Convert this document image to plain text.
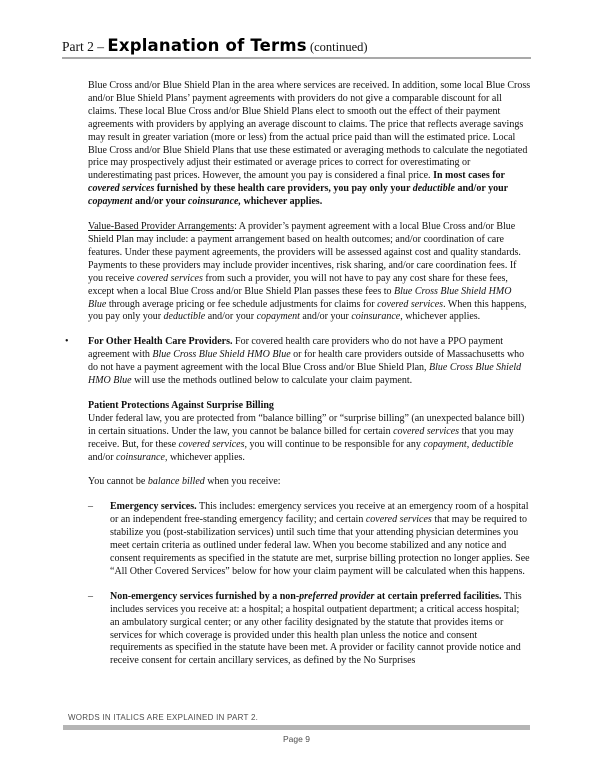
Part 2 – Explanation of Terms (continued)

Blue Cross and/or Blue Shield Plan in the area where services are received. In addition, some local Blue Cross and/or Blue Shield Plans’ payment agreements with providers do not give a comparable discount for all claims. These local Blue Cross and/or Blue Shield Plans elect to smooth out the effect of their payment agreements with providers by applying an average discount to claims. The price that reflects average savings may result in greater variation (more or less) from the actual price paid than will the estimated price. Local Blue Cross and/or Blue Shield Plans that use these estimated or averaging methods to calculate the negotiated price may prospectively adjust their estimated or average prices to correct for overestimating or underestimating past prices. However, the amount you pay is considered a final price. In most cases for covered services furnished by these health care providers, you pay only your deductible and/or your copayment and/or your coinsurance, whichever applies.

Value-Based Provider Arrangements: A provider’s payment agreement with a local Blue Cross and/or Blue Shield Plan may include: a payment arrangement based on health outcomes; and/or coordination of care features. Under these payment agreements, the providers will be assessed against cost and quality standards. Payments to these providers may include provider incentives, risk sharing, and/or care coordination fees. If you receive covered services from such a provider, you will not have to pay any cost share for these fees, except when a local Blue Cross and/or Blue Shield Plan passes these fees to Blue Cross Blue Shield HMO Blue through average pricing or fee schedule adjustments for claims for covered services. When this happens, you pay only your deductible and/or your copayment and/or your coinsurance, whichever applies.

• For Other Health Care Providers. For covered health care providers who do not have a PPO payment agreement with Blue Cross Blue Shield HMO Blue or for health care providers outside of Massachusetts who do not have a payment agreement with the local Blue Cross and/or Blue Shield Plan, Blue Cross Blue Shield HMO Blue will use the methods outlined below to calculate your claim payment.

Patient Protections Against Surprise Billing

Under federal law, you are protected from “balance billing” or “surprise billing” (an unexpected balance bill) in certain situations. Under the law, you cannot be balance billed for certain covered services that you may receive. But, for these covered services, you will continue to be responsible for any copayment, deductible and/or coinsurance, whichever applies.

You cannot be balance billed when you receive:

– Emergency services. This includes: emergency services you receive at an emergency room of a hospital or an independent free-standing emergency facility; and certain covered services that may be required to stabilize you (post-stabilization services) until such time that your attending physician determines you meet certain criteria as outlined under federal law. When you become stabilized and any notice and consent requirements as specified in the statute are met, surprise billing protection no longer applies. See “All Other Covered Services” below for how your claim payment will be calculated when this happens.

– Non-emergency services furnished by a non-preferred provider at certain preferred facilities. This includes services you receive at: a hospital; a hospital outpatient department; a critical access hospital; an ambulatory surgical center; or any other facility designated by the statute that provides items or services for which coverage is provided under this health plan unless the notice and consent requirements as specified in the statute have been met. A provider or facility cannot provide notice and receive consent for certain ancillary services, as defined by the No Surprises

WORDS IN ITALICS ARE EXPLAINED IN PART 2.
Page 9
